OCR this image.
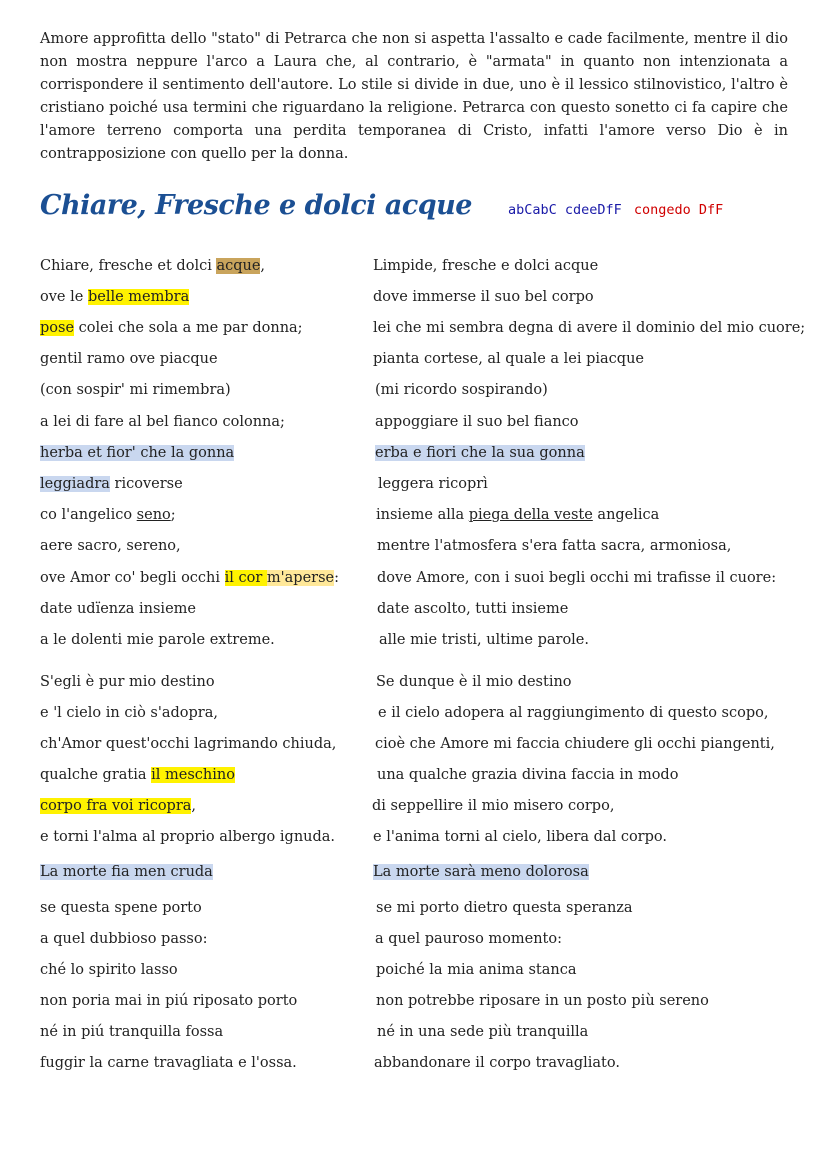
Amore approfitta dello "stato" di Petrarca che non si aspetta l'assalto e cade facilmente, mentre il dio non mostra neppure l'arco a Laura che, al contrario, è "armata" in quanto non intenzionata a corrispondere il sentimento dell'autore. Lo stile si divide in due, uno è il lessico stilnovistico, l'altro è cristiano poiché usa termini che riguardano la religione. Petrarca con questo sonetto ci fa capire che l'amore terreno comporta una perdita temporanea di Cristo, infatti l'amore verso Dio è in contrapposizione con quello per la donna.
Chiare, Fresche e dolci acque	abCabC cdeeDfF congedo DfF
Chiare, fresche et dolci acque,
ove le belle membra
pose colei che sola a me par donna;
gentil ramo ove piacque
(con sospir' mi rimembra)
a lei di fare al bel fianco colonna;
herba et fior' che la gonna
leggiadra ricoverse
co l'angelico seno;
aere sacro, sereno,
ove Amor co' begli occhi il cor m'aperse:
date udïenza insieme
a le dolenti mie parole extreme.
Limpide, fresche e dolci acque
dove immerse il suo bel corpo
lei che mi sembra degna di avere il dominio del mio cuore;
pianta cortese, al quale a lei piacque
(mi ricordo sospirando)
appoggiare il suo bel fianco
erba e fiori che la sua gonna
leggera ricoprì
insieme alla piega della veste angelica
mentre l'atmosfera s'era fatta sacra, armoniosa,
dove Amore, con i suoi begli occhi mi trafisse il cuore:
date ascolto, tutti insieme
alle mie tristi, ultime parole.
S'egli è pur mio destino
e 'l cielo in ciò s'adopra,
ch'Amor quest'occhi lagrimando chiuda,
qualche gratia il meschino
corpo fra voi ricopra,
e torni l'alma al proprio albergo ignuda.
La morte fia men cruda
se questa spene porto
a quel dubbioso passo:
ché lo spirito lasso
non poria mai in piú riposato porto
né in piú tranquilla fossa
fuggir la carne travagliata e l'ossa.
Se dunque è il mio destino
e il cielo adopera al raggiungimento di questo scopo,
cioè che Amore mi faccia chiudere gli occhi piangenti,
una qualche grazia divina faccia in modo
di seppellire il mio misero corpo,
e l'anima torni al cielo, libera dal corpo.
La morte sarà meno dolorosa
se mi porto dietro questa speranza
a quel pauroso momento:
poiché la mia anima stanca
non potrebbe riposare in un posto più sereno
né in una sede più tranquilla
abbandonare il corpo travagliato.
